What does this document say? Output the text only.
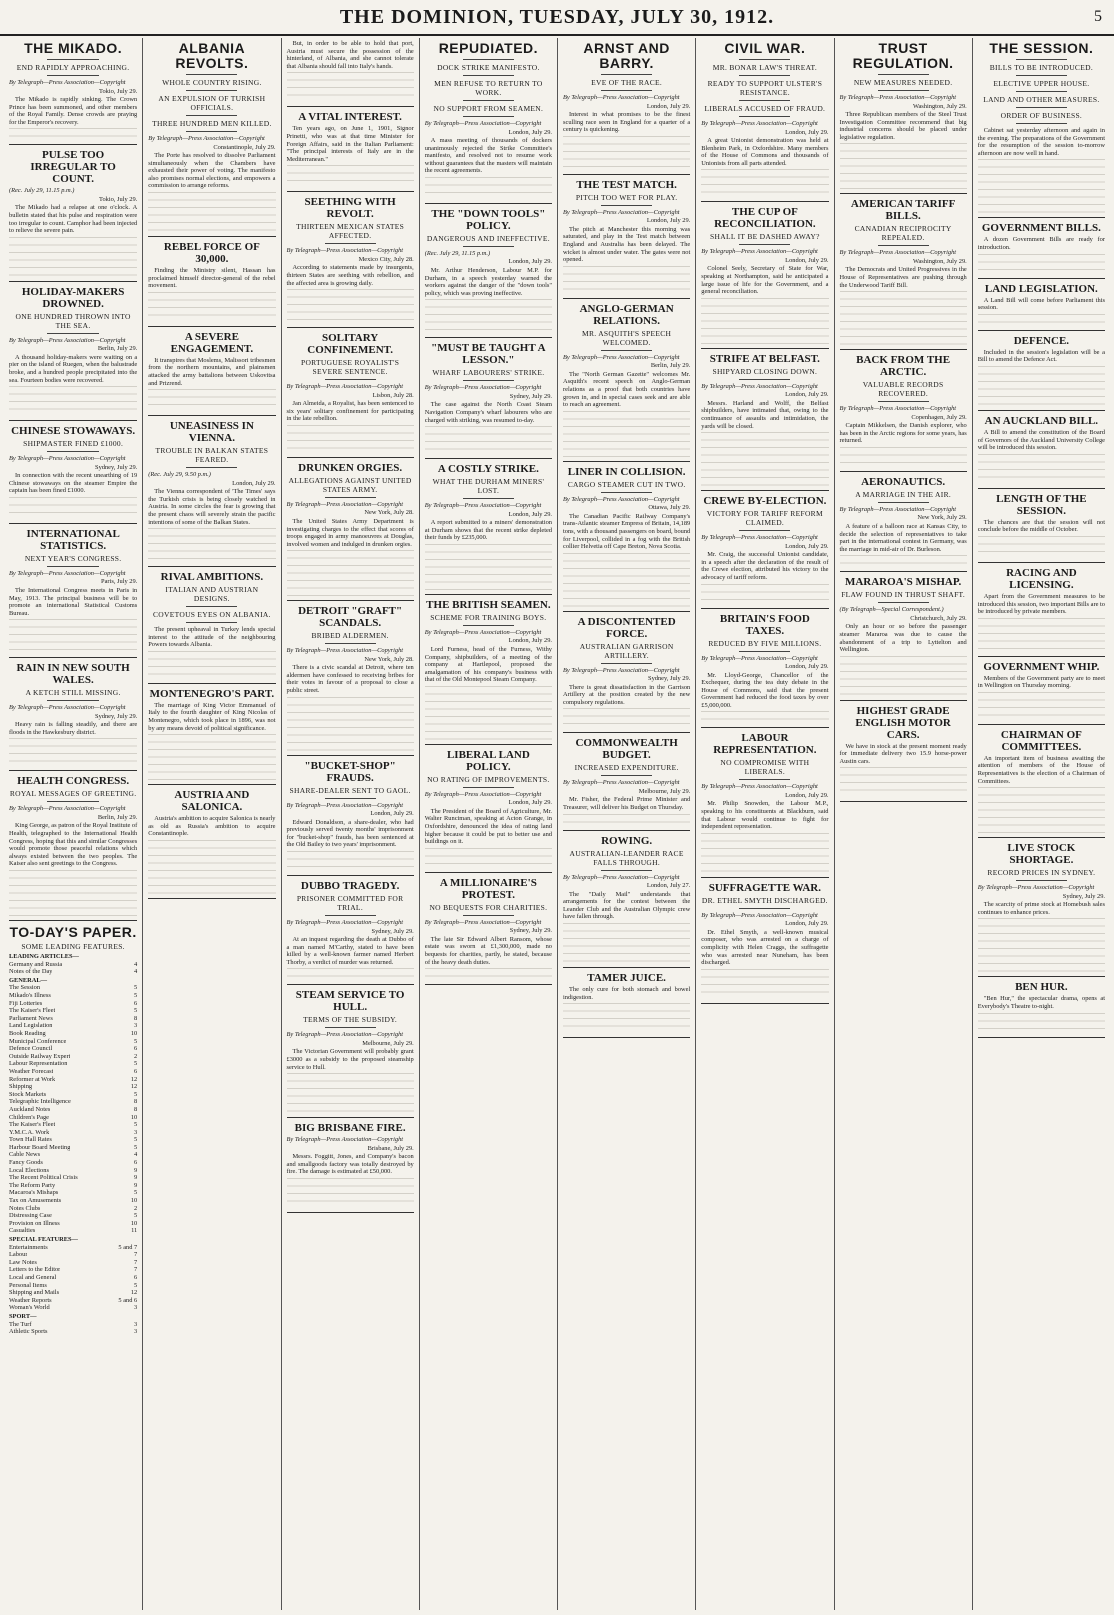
THE DOMINION, TUESDAY, JULY 30, 1912.	5
THE MIKADO.
END RAPIDLY APPROACHING.
By Telegraph—Press Association—Copyright
Tokio, July 29.
The Mikado is rapidly sinking. The Crown Prince has been summoned, and other members of the Royal Family. Dense crowds are praying for the Emperor's recovery.
PULSE TOO IRREGULAR TO COUNT.
(Rec. July 29, 11.15 p.m.)
Tokio, July 29.
The Mikado had a relapse at one o'clock. A bulletin stated that his pulse and respiration were too irregular to count. Camphor had been injected to relieve the severe pain.
HOLIDAY-MAKERS DROWNED.
ONE HUNDRED THROWN INTO THE SEA.
By Telegraph—Press Association—Copyright
Berlin, July 29.
A thousand holiday-makers were waiting on a pier on the island of Ruegen, when the balustrade broke, and a hundred people precipitated into the sea. Fourteen bodies were recovered.
CHINESE STOWAWAYS.
SHIPMASTER FINED £1000.
By Telegraph—Press Association—Copyright
Sydney, July 29.
In connection with the recent unearthing of 19 Chinese stowaways on the steamer Empire the captain has been fined £1000.
INTERNATIONAL STATISTICS.
NEXT YEAR'S CONGRESS.
By Telegraph—Press Association—Copyright
Paris, July 29.
The International Congress meets in Paris in May, 1913. The principal business will be to promote an international Statistical Customs Bureau.
RAIN IN NEW SOUTH WALES.
A KETCH STILL MISSING.
By Telegraph—Press Association—Copyright
Sydney, July 29.
Heavy rain is falling steadily, and there are floods in the Hawkesbury district.
HEALTH CONGRESS.
ROYAL MESSAGES OF GREETING.
By Telegraph—Press Association—Copyright
Berlin, July 29.
King George, as patron of the Royal Institute of Health, telegraphed to the International Health Congress, hoping that this and similar Congresses would promote those peaceful relations which always existed between the two peoples. The Kaiser also sent greetings to the Congress.
TO-DAY'S PAPER.
SOME LEADING FEATURES.
LEADING ARTICLES—
Germany and Russia	4
Notes of the Day	4
GENERAL—
The Session	5
Mikado's Illness	5
Fiji Lotteries	6
The Kaiser's Fleet	5
Parliament News	8
Land Legislation	3
Book Reading	10
Municipal Conference	5
Defence Council	6
Outside Railway Expert	2
Labour Representation	5
Weather Forecast	6
Reformer at Work	12
Shipping	12
Stock Markets	5
Telegraphic Intelligence	8
Auckland Notes	8
Children's Page	10
The Kaiser's Fleet	5
Y.M.C.A. Work	3
Town Hall Rates	5
Harbour Board Meeting	5
Cable News	4
Fancy Goods	6
Local Elections	9
The Recent Political Crisis	9
The Reform Party	9
Macaroa's Mishaps	5
Tax on Amusements	10
Notes Clubs	2
Distressing Case	5
Provision on Illness	10
Casualties	11
SPECIAL FEATURES—
Entertainments	5 and 7
Labour	7
Law Notes	7
Letters to the Editor	7
Local and General	6
Personal Items	5
Shipping and Mails	12
Weather Reports	5 and 6
Woman's World	3
SPORT—
The Turf	3
Athletic Sports	3
ALBANIA REVOLTS.
WHOLE COUNTRY RISING.
AN EXPULSION OF TURKISH OFFICIALS.
THREE HUNDRED MEN KILLED.
By Telegraph—Press Association—Copyright
Constantinople, July 29.
The Porte has resolved to dissolve Parliament simultaneously when the Chambers have exhausted their power of voting. The manifesto also promises normal elections, and empowers a commission to arrange reforms.
REBEL FORCE OF 30,000.
Finding the Ministry silent, Hassan has proclaimed himself director-general of the rebel movement.
A SEVERE ENGAGEMENT.
It transpires that Moslems, Malissori tribesmen from the northern mountains, and plainsmen attacked the army battalions between Uskovitsa and Prizrend.
UNEASINESS IN VIENNA.
TROUBLE IN BALKAN STATES FEARED.
(Rec. July 29, 9.50 p.m.)
London, July 29.
The Vienna correspondent of 'The Times' says the Turkish crisis is being closely watched in Austria. In some circles the fear is growing that the present chaos will severely strain the pacific intentions of some of the Balkan States.
RIVAL AMBITIONS.
ITALIAN AND AUSTRIAN DESIGNS.
COVETOUS EYES ON ALBANIA.
The present upheaval in Turkey lends special interest to the attitude of the neighbouring Powers towards Albania.
MONTENEGRO'S PART.
The marriage of King Victor Emmanuel of Italy to the fourth daughter of King Nicolas of Montenegro, which took place in 1896, was not by any means devoid of political significance.
AUSTRIA AND SALONICA.
Austria's ambition to acquire Salonica is nearly as old as Russia's ambition to acquire Constantinople.
But, in order to be able to hold that port, Austria must secure the possession of the hinterland, of Albania, and she cannot tolerate that Albania should fall into Italy's hands.
A VITAL INTEREST.
Ten years ago, on June 1, 1901, Signor Prinetti, who was at that time Minister for Foreign Affairs, said in the Italian Parliament: "The principal interests of Italy are in the Mediterranean."
SEETHING WITH REVOLT.
THIRTEEN MEXICAN STATES AFFECTED.
By Telegraph—Press Association—Copyright
Mexico City, July 28.
According to statements made by insurgents, thirteen States are seething with rebellion, and the affected area is growing daily.
SOLITARY CONFINEMENT.
PORTUGUESE ROYALIST'S SEVERE SENTENCE.
By Telegraph—Press Association—Copyright
Lisbon, July 28.
Jan Almeida, a Royalist, has been sentenced to six years' solitary confinement for participating in the late rebellion.
DRUNKEN ORGIES.
ALLEGATIONS AGAINST UNITED STATES ARMY.
By Telegraph—Press Association—Copyright
New York, July 28.
The United States Army Department is investigating charges to the effect that scores of troops engaged in army manoeuvres at Douglas, involved women and indulged in drunken orgies.
DETROIT "GRAFT" SCANDALS.
BRIBED ALDERMEN.
By Telegraph—Press Association—Copyright
New York, July 28.
There is a civic scandal at Detroit, where ten aldermen have confessed to receiving bribes for their votes in favour of a proposal to close a public street.
"BUCKET-SHOP" FRAUDS.
SHARE-DEALER SENT TO GAOL.
By Telegraph—Press Association—Copyright
London, July 29.
Edward Donaldson, a share-dealer, who had previously served twenty months' imprisonment for "bucket-shop" frauds, has been sentenced at the Old Bailey to two years' imprisonment.
DUBBO TRAGEDY.
PRISONER COMMITTED FOR TRIAL.
By Telegraph—Press Association—Copyright
Sydney, July 29.
At an inquest regarding the death at Dubbo of a man named M'Carthy, stated to have been killed by a well-known farmer named Herbert Thorby, a verdict of murder was returned.
STEAM SERVICE TO HULL.
TERMS OF THE SUBSIDY.
By Telegraph—Press Association—Copyright
Melbourne, July 29.
The Victorian Government will probably grant £3000 as a subsidy to the proposed steamship service to Hull.
BIG BRISBANE FIRE.
By Telegraph—Press Association—Copyright
Brisbane, July 29.
Messrs. Foggitt, Jones, and Company's bacon and smallgoods factory was totally destroyed by fire. The damage is estimated at £50,000.
REPUDIATED.
DOCK STRIKE MANIFESTO.
MEN REFUSE TO RETURN TO WORK.
NO SUPPORT FROM SEAMEN.
By Telegraph—Press Association—Copyright
London, July 29.
A mass meeting of thousands of dockers unanimously rejected the Strike Committee's manifesto, and resolved not to resume work without guarantees that the masters will maintain the recent agreements.
THE "DOWN TOOLS" POLICY.
DANGEROUS AND INEFFECTIVE.
(Rec. July 29, 11.15 p.m.)
London, July 29.
Mr. Arthur Henderson, Labour M.P. for Durham, in a speech yesterday warned the workers against the danger of the "down tools" policy, which was proving ineffective.
"MUST BE TAUGHT A LESSON."
WHARF LABOURERS' STRIKE.
By Telegraph—Press Association—Copyright
Sydney, July 29.
The case against the North Coast Steam Navigation Company's wharf labourers who are charged with striking, was resumed to-day.
A COSTLY STRIKE.
WHAT THE DURHAM MINERS' LOST.
By Telegraph—Press Association—Copyright
London, July 29.
A report submitted to a miners' demonstration at Durham shows that the recent strike depleted their funds by £235,000.
THE BRITISH SEAMEN.
SCHEME FOR TRAINING BOYS.
By Telegraph—Press Association—Copyright
London, July 29.
Lord Furness, head of the Furness, Withy Company, shipbuilders, of a meeting of the company at Hartlepool, proposed the amalgamation of his company's business with that of the Old Montepool Steam Company.
LIBERAL LAND POLICY.
NO RATING OF IMPROVEMENTS.
By Telegraph—Press Association—Copyright
London, July 29.
The President of the Board of Agriculture, Mr. Walter Runciman, speaking at Acton Grange, in Oxfordshire, denounced the idea of rating land higher because it could be put to better use and buildings on it.
A MILLIONAIRE'S PROTEST.
NO BEQUESTS FOR CHARITIES.
By Telegraph—Press Association—Copyright
Sydney, July 29.
The late Sir Edward Albert Ransom, whose estate was sworn at £1,300,000, made no bequests for charities, partly, he stated, because of the heavy death duties.
ARNST AND BARRY.
EVE OF THE RACE.
By Telegraph—Press Association—Copyright
London, July 29.
Interest in what promises to be the finest sculling race seen in England for a quarter of a century is quickening.
THE TEST MATCH.
PITCH TOO WET FOR PLAY.
By Telegraph—Press Association—Copyright
London, July 29.
The pitch at Manchester this morning was saturated, and play in the Test match between England and Australia has been delayed. The wicket is almost under water. The gates were not opened.
ANGLO-GERMAN RELATIONS.
MR. ASQUITH'S SPEECH WELCOMED.
By Telegraph—Press Association—Copyright
Berlin, July 29.
The "North German Gazette" welcomes Mr. Asquith's recent speech on Anglo-German relations as a proof that both countries have grown in, and in special cases seek and are able to reach an agreement.
LINER IN COLLISION.
CARGO STEAMER CUT IN TWO.
By Telegraph—Press Association—Copyright
Ottawa, July 29.
The Canadian Pacific Railway Company's trans-Atlantic steamer Empress of Britain, 14,189 tons, with a thousand passengers on board, bound for Liverpool, collided in a fog with the British collier Helvetia off Cape Breton, Nova Scotia.
A DISCONTENTED FORCE.
AUSTRALIAN GARRISON ARTILLERY.
By Telegraph—Press Association—Copyright
Sydney, July 29.
There is great dissatisfaction in the Garrison Artillery at the position created by the new compulsory regulations.
COMMONWEALTH BUDGET.
INCREASED EXPENDITURE.
By Telegraph—Press Association—Copyright
Melbourne, July 29.
Mr. Fisher, the Federal Prime Minister and Treasurer, will deliver his Budget on Thursday.
ROWING.
AUSTRALIAN-LEANDER RACE FALLS THROUGH.
By Telegraph—Press Association—Copyright
London, July 27.
The "Daily Mail" understands that arrangements for the contest between the Leander Club and the Australian Olympic crew have fallen through.
TAMER JUICE.
The only cure for both stomach and bowel indigestion.
CIVIL WAR.
MR. BONAR LAW'S THREAT.
READY TO SUPPORT ULSTER'S RESISTANCE.
LIBERALS ACCUSED OF FRAUD.
By Telegraph—Press Association—Copyright
London, July 29.
A great Unionist demonstration was held at Blenheim Park, in Oxfordshire. Many members of the House of Commons and thousands of Unionists from all parts attended.
THE CUP OF RECONCILIATION.
SHALL IT BE DASHED AWAY?
By Telegraph—Press Association—Copyright
London, July 29.
Colonel Seely, Secretary of State for War, speaking at Northampton, said he anticipated a large issue of life for the Government, and a general reconciliation.
STRIFE AT BELFAST.
SHIPYARD CLOSING DOWN.
By Telegraph—Press Association—Copyright
London, July 29.
Messrs. Harland and Wolff, the Belfast shipbuilders, have intimated that, owing to the continuance of assaults and intimidation, the yards will be closed.
CREWE BY-ELECTION.
VICTORY FOR TARIFF REFORM CLAIMED.
By Telegraph—Press Association—Copyright
London, July 29.
Mr. Craig, the successful Unionist candidate, in a speech after the declaration of the result of the Crewe election, attributed his victory to the advocacy of tariff reform.
BRITAIN'S FOOD TAXES.
REDUCED BY FIVE MILLIONS.
By Telegraph—Press Association—Copyright
London, July 29.
Mr. Lloyd-George, Chancellor of the Exchequer, during the tea duty debate in the House of Commons, said that the present Government had reduced the food taxes by over £5,000,000.
LABOUR REPRESENTATION.
NO COMPROMISE WITH LIBERALS.
By Telegraph—Press Association—Copyright
London, July 29.
Mr. Philip Snowden, the Labour M.P., speaking to his constituents at Blackburn, said that Labour would continue to fight for independent representation.
SUFFRAGETTE WAR.
DR. ETHEL SMYTH DISCHARGED.
By Telegraph—Press Association—Copyright
London, July 29.
Dr. Ethel Smyth, a well-known musical composer, who was arrested on a charge of complicity with Helen Craggs, the suffragette who was arrested near Nuneham, has been discharged.
TRUST REGULATION.
NEW MEASURES NEEDED.
By Telegraph—Press Association—Copyright
Washington, July 29.
Three Republican members of the Steel Trust Investigation Committee recommend that big industrial concerns should be placed under legislative regulation.
AMERICAN TARIFF BILLS.
CANADIAN RECIPROCITY REPEALED.
By Telegraph—Press Association—Copyright
Washington, July 29.
The Democrats and United Progressives in the House of Representatives are pushing through the Underwood Tariff Bill.
BACK FROM THE ARCTIC.
VALUABLE RECORDS RECOVERED.
By Telegraph—Press Association—Copyright
Copenhagen, July 29.
Captain Mikkelsen, the Danish explorer, who has been in the Arctic regions for some years, has returned.
AERONAUTICS.
A MARRIAGE IN THE AIR.
By Telegraph—Press Association—Copyright
New York, July 29.
A feature of a balloon race at Kansas City, to decide the selection of representatives to take part in the international contest in Germany, was the marriage in mid-air of Dr. Burleson.
MARAROA'S MISHAP.
FLAW FOUND IN THRUST SHAFT.
(By Telegraph—Special Correspondent.)
Christchurch, July 29.
Only an hour or so before the passenger steamer Mararoa was due to cause the abandonment of a trip to Lyttelton and Wellington.
HIGHEST GRADE ENGLISH MOTOR CARS.
We have in stock at the present moment ready for immediate delivery two 15.9 horse-power Austin cars.
THE SESSION.
BILLS TO BE INTRODUCED.
ELECTIVE UPPER HOUSE.
LAND AND OTHER MEASURES.
ORDER OF BUSINESS.
Cabinet sat yesterday afternoon and again in the evening. The preparations of the Government for the resumption of the session to-morrow afternoon are now well in hand.
GOVERNMENT BILLS.
A dozen Government Bills are ready for introduction.
LAND LEGISLATION.
A Land Bill will come before Parliament this session.
DEFENCE.
Included in the session's legislation will be a Bill to amend the Defence Act.
AN AUCKLAND BILL.
A Bill to amend the constitution of the Board of Governors of the Auckland University College will be introduced this session.
LENGTH OF THE SESSION.
The chances are that the session will not conclude before the middle of October.
RACING AND LICENSING.
Apart from the Government measures to be introduced this session, two important Bills are to be introduced by private members.
GOVERNMENT WHIP.
Members of the Government party are to meet in Wellington on Thursday morning.
CHAIRMAN OF COMMITTEES.
An important item of business awaiting the attention of members of the House of Representatives is the election of a Chairman of Committees.
LIVE STOCK SHORTAGE.
RECORD PRICES IN SYDNEY.
By Telegraph—Press Association—Copyright
Sydney, July 29.
The scarcity of prime stock at Homebush sales continues to enhance prices.
BEN HUR.
"Ben Hur," the spectacular drama, opens at Everybody's Theatre to-night.
